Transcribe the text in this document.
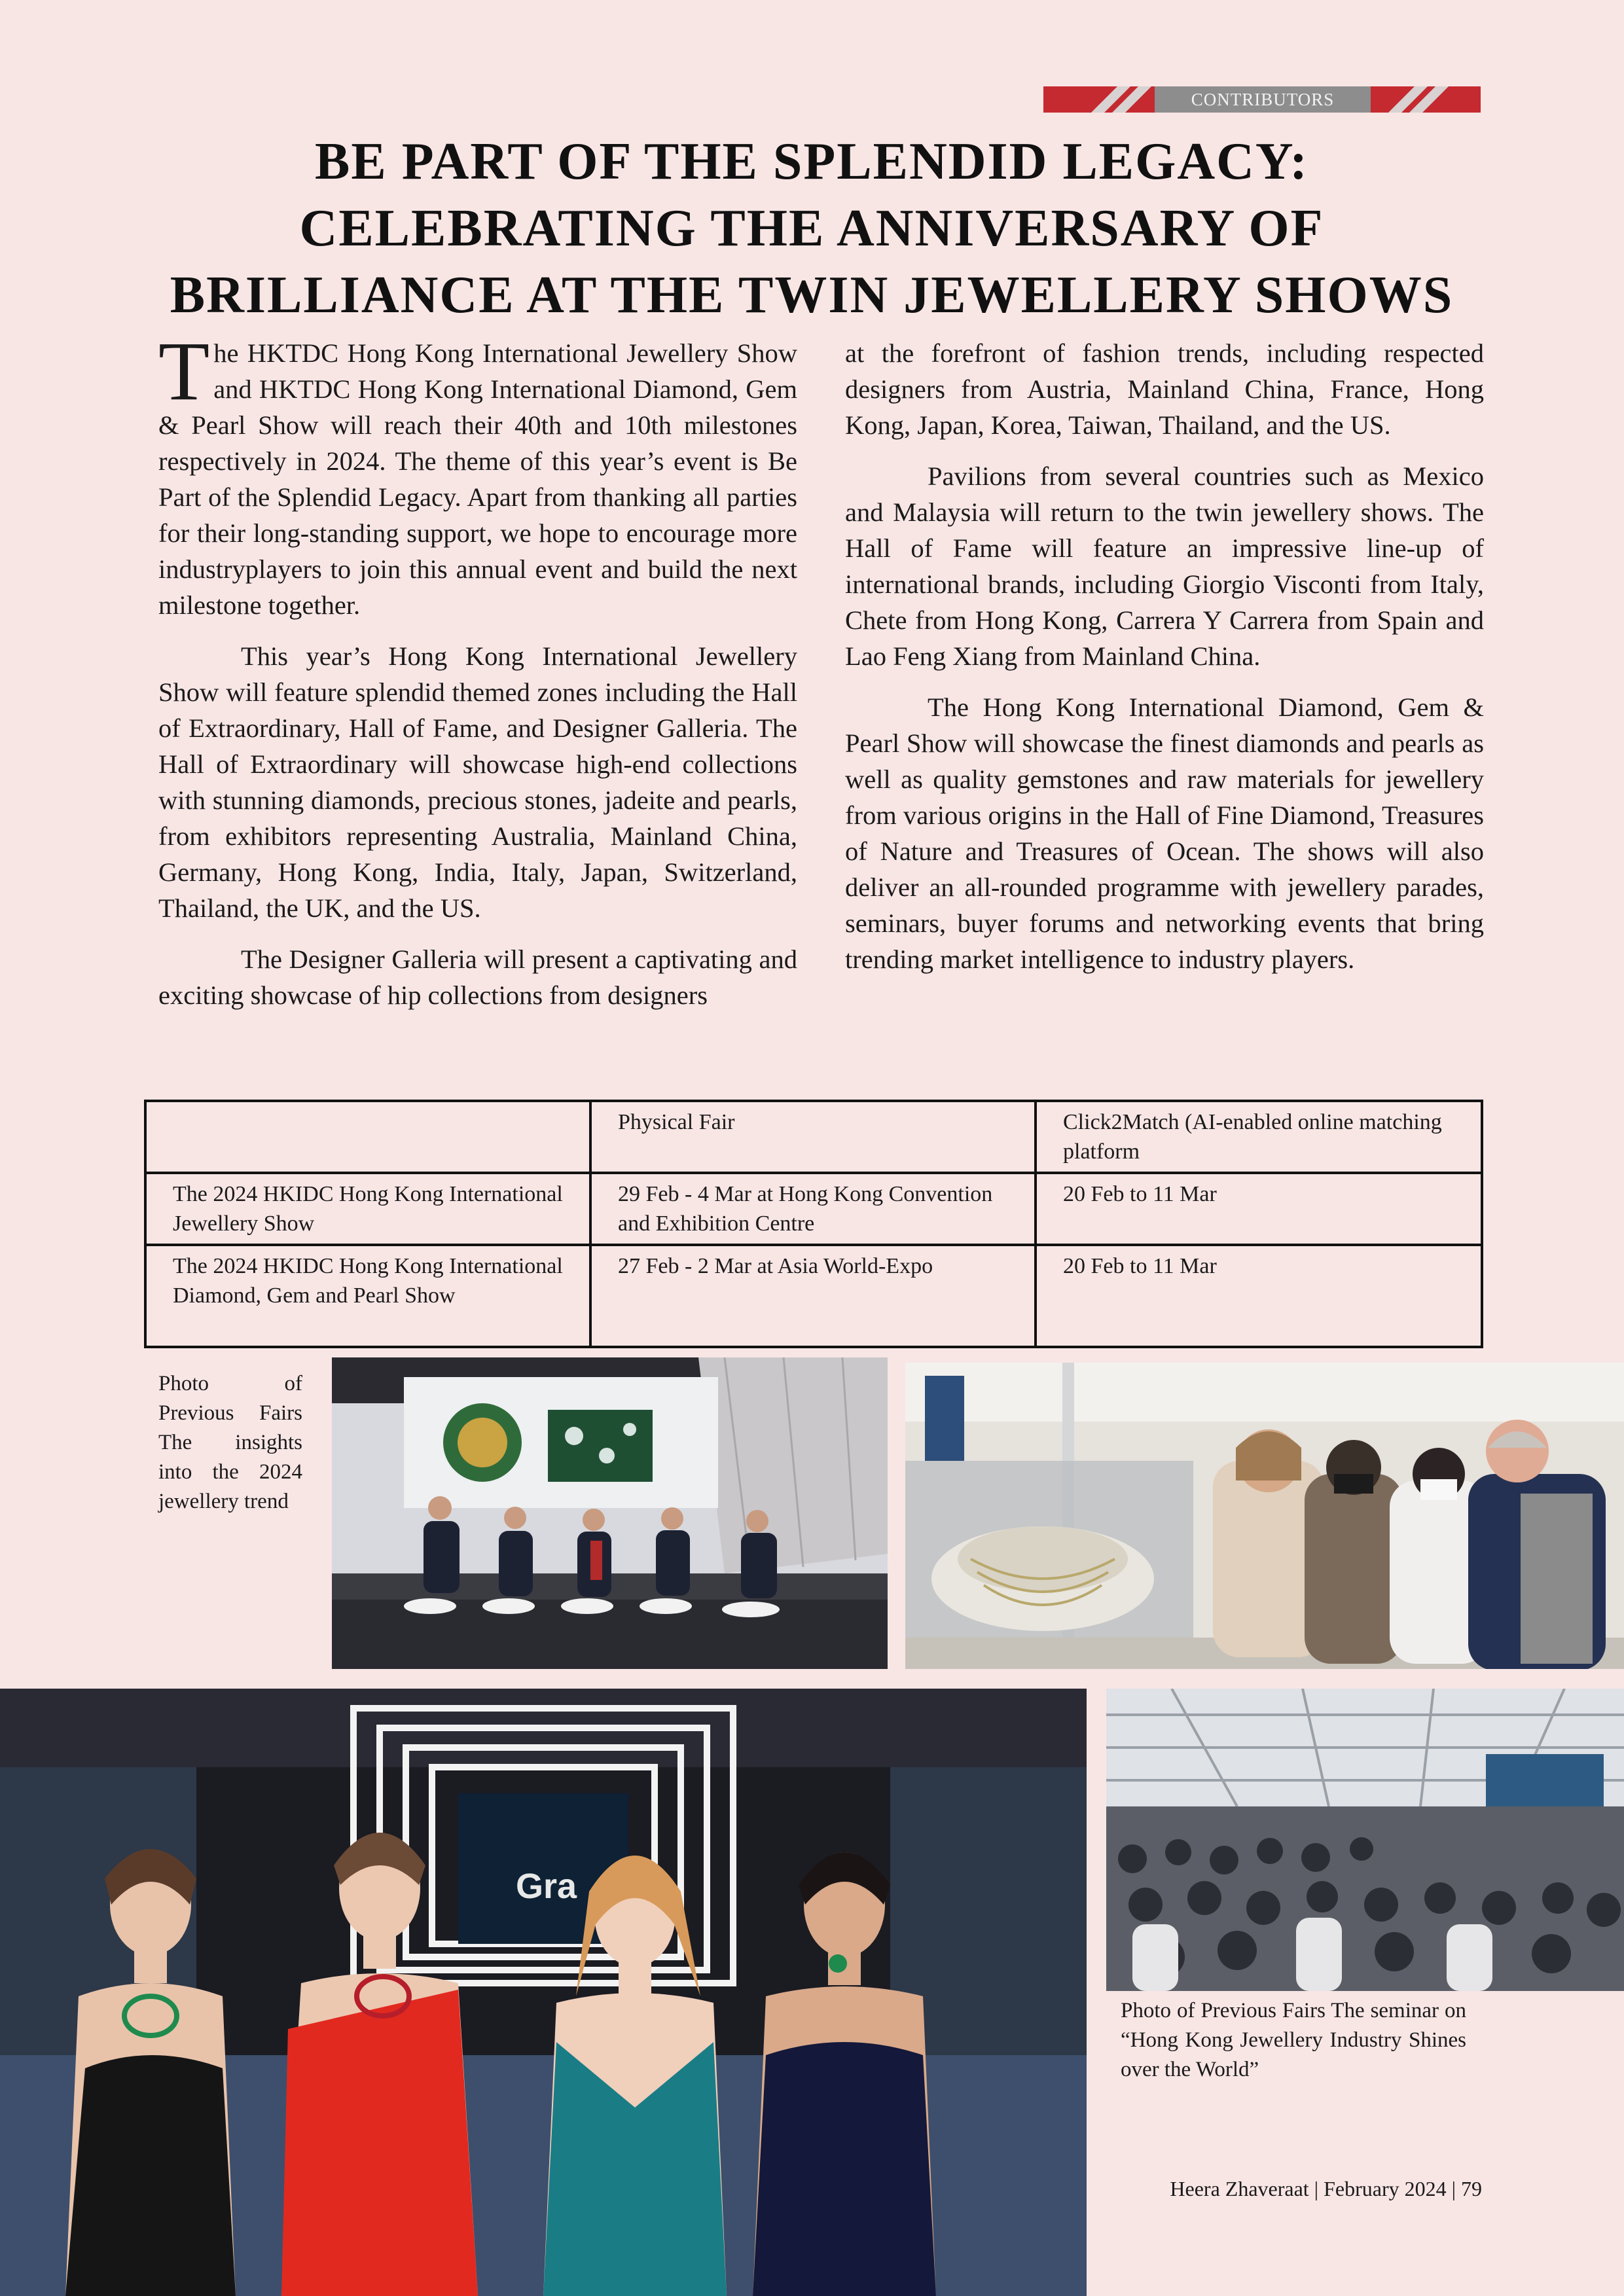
CONTRIBUTORS
BE PART OF THE SPLENDID LEGACY:
CELEBRATING THE ANNIVERSARY OF
BRILLIANCE AT THE TWIN JEWELLERY SHOWS

The HKTDC Hong Kong International Jewellery Show and HKTDC Hong Kong International Diamond, Gem & Pearl Show will reach their 40th and 10th milestones respectively in 2024. The theme of this year’s event is Be Part of the Splendid Legacy. Apart from thanking all parties for their long-standing support, we hope to encourage more industryplayers to join this annual event and build the next milestone together.

This year’s Hong Kong International Jewellery Show will feature splendid themed zones including the Hall of Extraordinary, Hall of Fame, and Designer Galleria. The Hall of Extraordinary will showcase high-end collections with stunning diamonds, precious stones, jadeite and pearls, from exhibitors representing Australia, Mainland China, Germany, Hong Kong, India, Italy, Japan, Switzerland, Thailand, the UK, and the US.

The Designer Galleria will present a captivating and exciting showcase of hip collections from designers

at the forefront of fashion trends, including respected designers from Austria, Mainland China, France, Hong Kong, Japan, Korea, Taiwan, Thailand, and the US.

Pavilions from several countries such as Mexico and Malaysia will return to the twin jewellery shows. The Hall of Fame will feature an impressive line-up of international brands, including Giorgio Visconti from Italy, Chete from Hong Kong, Carrera Y Carrera from Spain and Lao Feng Xiang from Mainland China.

The Hong Kong International Diamond, Gem & Pearl Show will showcase the finest diamonds and pearls as well as quality gemstones and raw materials for jewellery from various origins in the Hall of Fine Diamond, Treasures of Nature and Treasures of Ocean. The shows will also deliver an all-rounded programme with jewellery parades, seminars, buyer forums and networking events that bring trending market intelligence to industry players.

	Physical Fair	Click2Match (AI-enabled online matching platform
The 2024 HKIDC Hong Kong International Jewellery Show	29 Feb - 4 Mar at Hong Kong Convention and Exhibition Centre	20 Feb to 11 Mar
The 2024 HKIDC Hong Kong International Diamond, Gem and Pearl Show	27 Feb - 2 Mar at Asia World-Expo	20 Feb to 11 Mar
Photo of Previous Fairs The insights into the 2024 jewellery trend
Gra
Photo of Previous Fairs The seminar on “Hong Kong Jewellery Industry Shines over the World”
Heera Zhaveraat | February 2024 | 79
